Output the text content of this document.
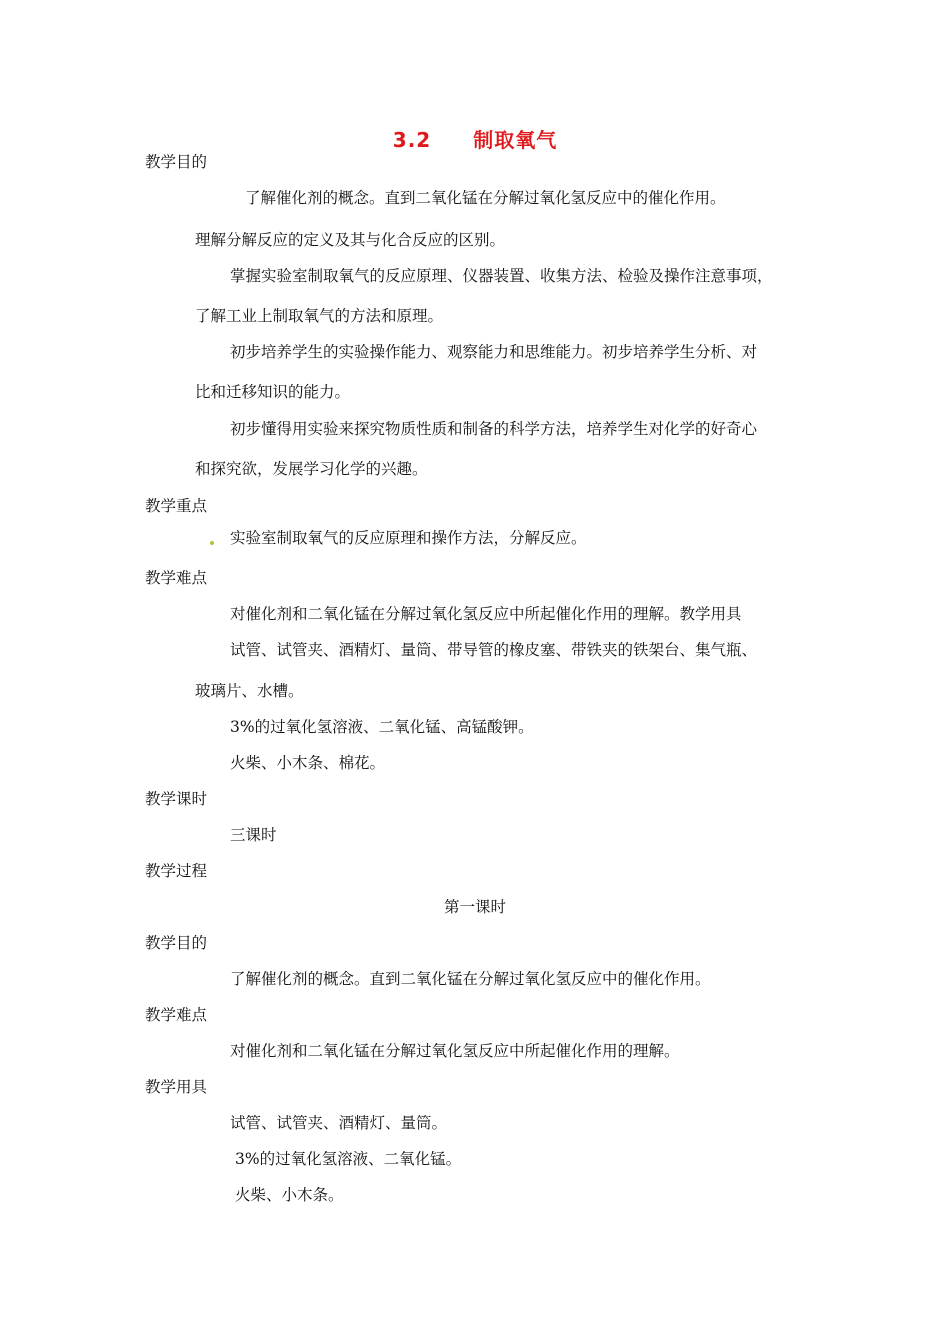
3.2 制取氧气
教学目的
了解催化剂的概念。直到二氧化锰在分解过氧化氢反应中的催化作用。
理解分解反应的定义及其与化合反应的区别。
掌握实验室制取氧气的反应原理、仪器装置、收集方法、检验及操作注意事项，
了解工业上制取氧气的方法和原理。
初步培养学生的实验操作能力、观察能力和思维能力。初步培养学生分析、对
比和迁移知识的能力。
初步懂得用实验来探究物质性质和制备的科学方法，培养学生对化学的好奇心
和探究欲，发展学习化学的兴趣。
教学重点
实验室制取氧气的反应原理和操作方法，分解反应。
教学难点
对催化剂和二氧化锰在分解过氧化氢反应中所起催化作用的理解。教学用具
试管、试管夹、酒精灯、量筒、带导管的橡皮塞、带铁夹的铁架台、集气瓶、
玻璃片、水槽。
3%的过氧化氢溶液、二氧化锰、高锰酸钾。
火柴、小木条、棉花。
教学课时
三课时
教学过程
第一课时
教学目的
了解催化剂的概念。直到二氧化锰在分解过氧化氢反应中的催化作用。
教学难点
对催化剂和二氧化锰在分解过氧化氢反应中所起催化作用的理解。
教学用具
试管、试管夹、酒精灯、量筒。
3%的过氧化氢溶液、二氧化锰。
火柴、小木条。
